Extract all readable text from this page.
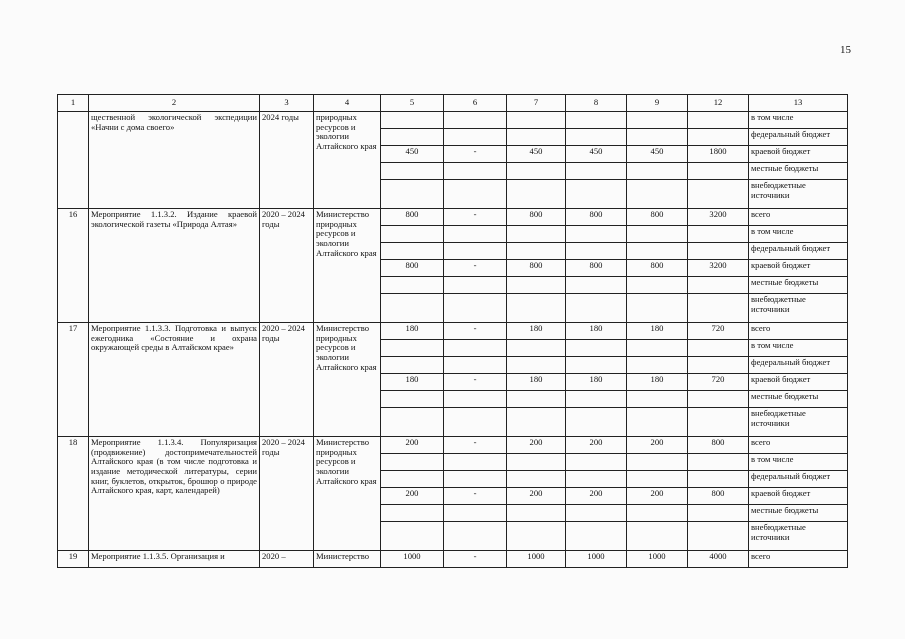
15
1	2	3	4	5	6	7	8	9	12	13
	щественной экологической экспедиции «Начни с дома своего»	2024 годы	природных ресурсов и экологии Алтайского края							в том числе
										федеральный бюджет
				450	-	450	450	450	1800	краевой бюджет
										местные бюджеты
										внебюджетные источники
16	Мероприятие 1.1.3.2. Издание краевой экологической газеты «Природа Алтая»	2020 – 2024 годы	Министерство природных ресурсов и экологии Алтайского края	800	-	800	800	800	3200	всего
										в том числе
										федеральный бюджет
				800	-	800	800	800	3200	краевой бюджет
										местные бюджеты
										внебюджетные источники
17	Мероприятие 1.1.3.3. Подготовка и выпуск ежегодника «Состояние и охрана окружающей среды в Алтайском крае»	2020 – 2024 годы	Министерство природных ресурсов и экологии Алтайского края	180	-	180	180	180	720	всего
										в том числе
										федеральный бюджет
				180	-	180	180	180	720	краевой бюджет
										местные бюджеты
										внебюджетные источники
18	Мероприятие 1.1.3.4. Популяризация (продвижение) достопримечательностей Алтайского края (в том числе подготовка и издание методической литературы, серии книг, буклетов, открыток, брошюр о природе Алтайского края, карт, календарей)	2020 – 2024 годы	Министерство природных ресурсов и экологии Алтайского края	200	-	200	200	200	800	всего
										в том числе
										федеральный бюджет
				200	-	200	200	200	800	краевой бюджет
										местные бюджеты
										внебюджетные источники
19	Мероприятие 1.1.3.5. Организация и	2020 –	Министерство	1000	-	1000	1000	1000	4000	всего
